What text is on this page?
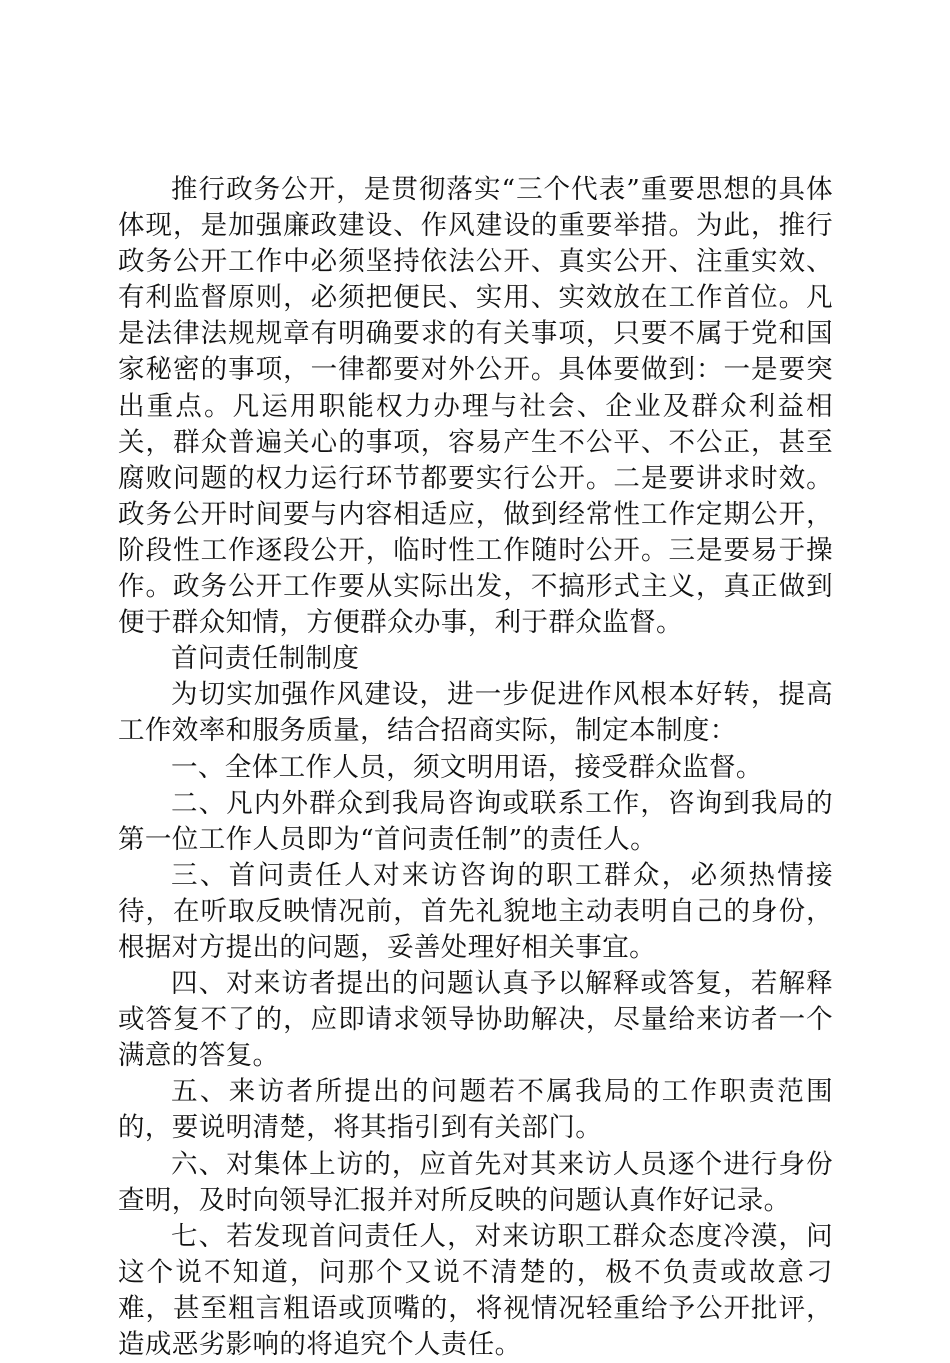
推行政务公开，是贯彻落实“三个代表”重要思想的具体体现，是加强廉政建设、作风建设的重要举措。为此，推行政务公开工作中必须坚持依法公开、真实公开、注重实效、有利监督原则，必须把便民、实用、实效放在工作首位。凡是法律法规规章有明确要求的有关事项，只要不属于党和国家秘密的事项，一律都要对外公开。具体要做到：一是要突出重点。凡运用职能权力办理与社会、企业及群众利益相关，群众普遍关心的事项，容易产生不公平、不公正，甚至腐败问题的权力运行环节都要实行公开。二是要讲求时效。政务公开时间要与内容相适应，做到经常性工作定期公开，阶段性工作逐段公开，临时性工作随时公开。三是要易于操作。政务公开工作要从实际出发，不搞形式主义，真正做到便于群众知情，方便群众办事，利于群众监督。

首问责任制制度

为切实加强作风建设，进一步促进作风根本好转，提高工作效率和服务质量，结合招商实际，制定本制度：

一、全体工作人员，须文明用语，接受群众监督。

二、凡内外群众到我局咨询或联系工作，咨询到我局的第一位工作人员即为“首问责任制”的责任人。

三、首问责任人对来访咨询的职工群众，必须热情接待，在听取反映情况前，首先礼貌地主动表明自己的身份，根据对方提出的问题，妥善处理好相关事宜。

四、对来访者提出的问题认真予以解释或答复，若解释或答复不了的，应即请求领导协助解决，尽量给来访者一个满意的答复。

五、来访者所提出的问题若不属我局的工作职责范围的，要说明清楚，将其指引到有关部门。

六、对集体上访的，应首先对其来访人员逐个进行身份查明，及时向领导汇报并对所反映的问题认真作好记录。

七、若发现首问责任人，对来访职工群众态度冷漠，问这个说不知道，问那个又说不清楚的，极不负责或故意刁难，甚至粗言粗语或顶嘴的，将视情况轻重给予公开批评，造成恶劣影响的将追究个人责任。
